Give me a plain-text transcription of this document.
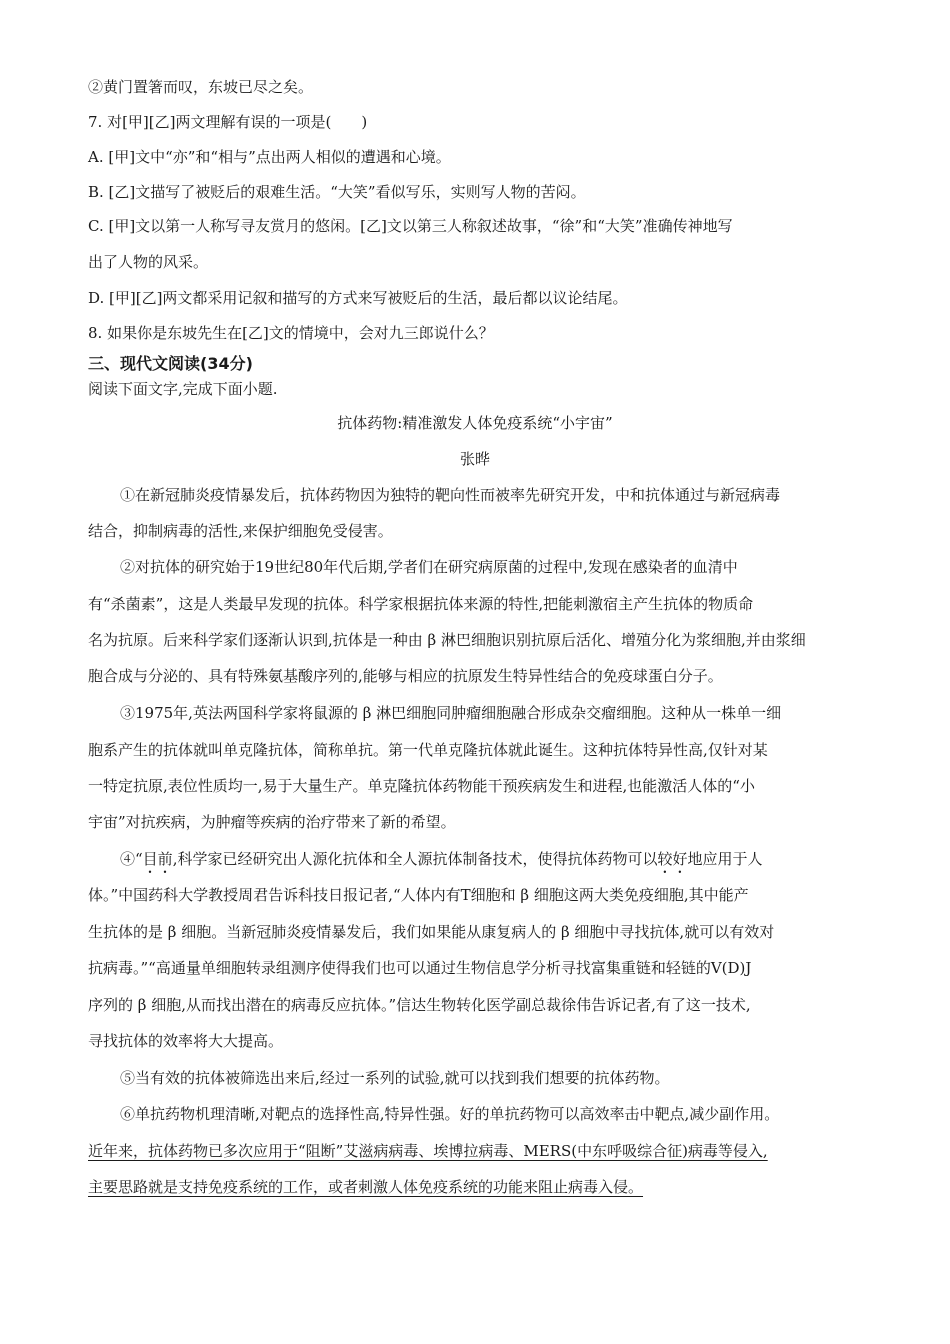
②黄门置箸而叹，东坡已尽之矣。
7. 对[甲][乙]两文理解有误的一项是(　　)
A. [甲]文中“亦”和“相与”点出两人相似的遭遇和心境。
B. [乙]文描写了被贬后的艰难生活。“大笑”看似写乐，实则写人物的苦闷。
C. [甲]文以第一人称写寻友赏月的悠闲。[乙]文以第三人称叙述故事，“徐”和“大笑”准确传神地写
出了人物的风采。
D. [甲][乙]两文都采用记叙和描写的方式来写被贬后的生活，最后都以议论结尾。
8. 如果你是东坡先生在[乙]文的情境中，会对九三郎说什么？
三、现代文阅读(34分)
阅读下面文字,完成下面小题.
抗体药物:精准激发人体免疫系统“小宇宙”
张晔
①在新冠肺炎疫情暴发后，抗体药物因为独特的靶向性而被率先研究开发，中和抗体通过与新冠病毒
结合，抑制病毒的活性,来保护细胞免受侵害。
②对抗体的研究始于19世纪80年代后期,学者们在研究病原菌的过程中,发现在感染者的血清中
有“杀菌素”，这是人类最早发现的抗体。科学家根据抗体来源的特性,把能刺激宿主产生抗体的物质命
名为抗原。后来科学家们逐渐认识到,抗体是一种由 β 淋巴细胞识别抗原后活化、增殖分化为浆细胞,并由浆细
胞合成与分泌的、具有特殊氨基酸序列的,能够与相应的抗原发生特异性结合的免疫球蛋白分子。
③1975年,英法两国科学家将鼠源的 β 淋巴细胞同肿瘤细胞融合形成杂交瘤细胞。这种从一株单一细
胞系产生的抗体就叫单克隆抗体，简称单抗。第一代单克隆抗体就此诞生。这种抗体特异性高,仅针对某
一特定抗原,表位性质均一,易于大量生产。单克隆抗体药物能干预疾病发生和进程,也能激活人体的“小
宇宙”对抗疾病，为肿瘤等疾病的治疗带来了新的希望。
④“目前,科学家已经研究出人源化抗体和全人源抗体制备技术，使得抗体药物可以较好地应用于人
体。”中国药科大学教授周君告诉科技日报记者,“人体内有T细胞和 β 细胞这两大类免疫细胞,其中能产
生抗体的是 β 细胞。当新冠肺炎疫情暴发后，我们如果能从康复病人的 β 细胞中寻找抗体,就可以有效对
抗病毒。”“高通量单细胞转录组测序使得我们也可以通过生物信息学分析寻找富集重链和轻链的V(D)J
序列的 β 细胞,从而找出潜在的病毒反应抗体。”信达生物转化医学副总裁徐伟告诉记者,有了这一技术,
寻找抗体的效率将大大提高。
⑤当有效的抗体被筛选出来后,经过一系列的试验,就可以找到我们想要的抗体药物。
⑥单抗药物机理清晰,对靶点的选择性高,特异性强。好的单抗药物可以高效率击中靶点,减少副作用。
近年来，抗体药物已多次应用于“阻断”艾滋病病毒、埃博拉病毒、MERS(中东呼吸综合征)病毒等侵入,
主要思路就是支持免疫系统的工作，或者刺激人体免疫系统的功能来阻止病毒入侵。
